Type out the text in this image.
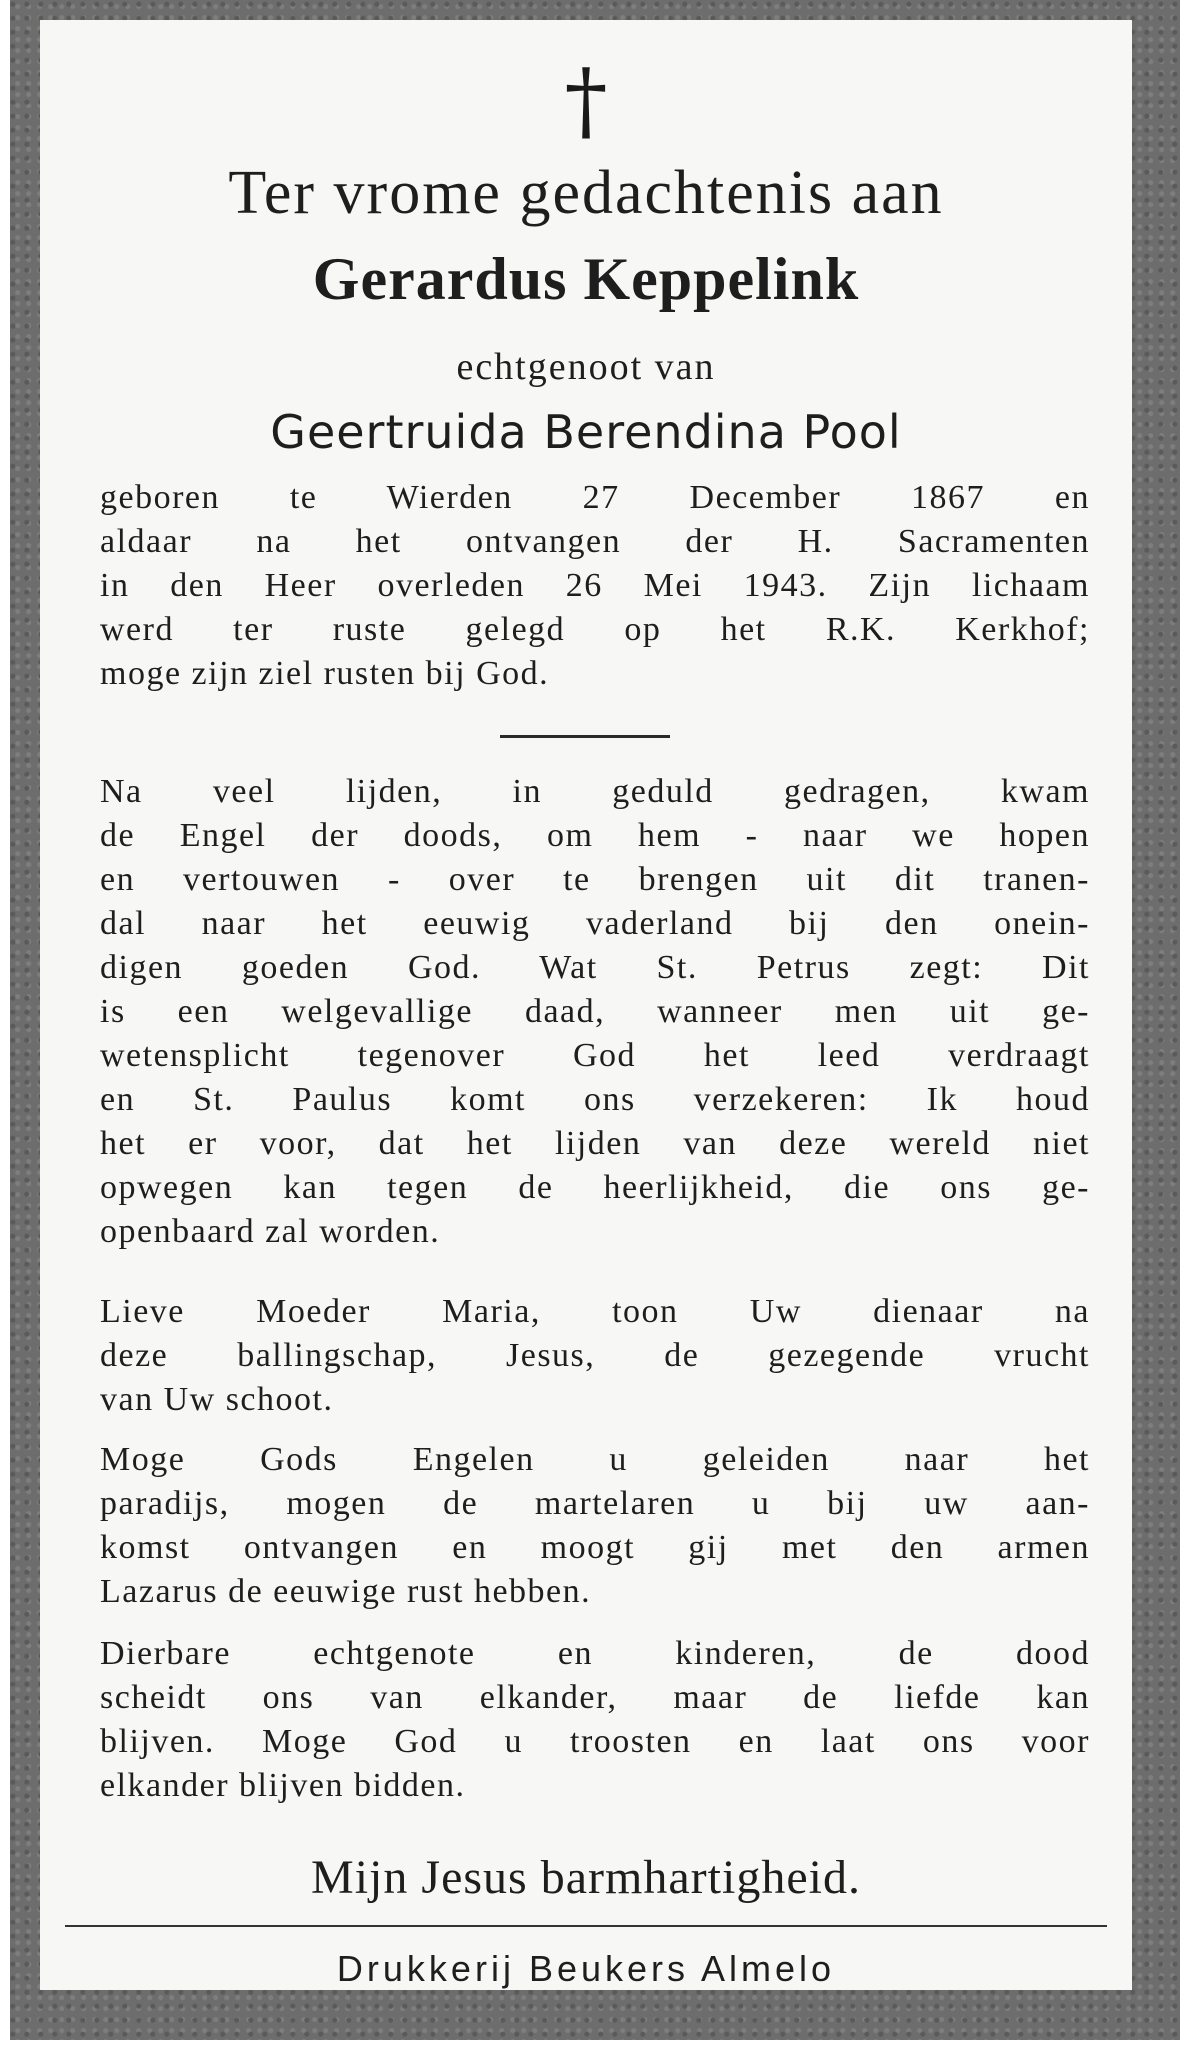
†
Ter vrome gedachtenis aan
Gerardus Keppelink
echtgenoot van
Geertruida Berendina Pool
geboren te Wierden 27 December 1867 en
aldaar na het ontvangen der H. Sacramenten
in den Heer overleden 26 Mei 1943. Zijn lichaam
werd ter ruste gelegd op het R.K. Kerkhof;
moge zijn ziel rusten bij God.
Na veel lijden, in geduld gedragen, kwam
de Engel der doods, om hem - naar we hopen
en vertouwen - over te brengen uit dit tranen-
dal naar het eeuwig vaderland bij den onein-
digen goeden God. Wat St. Petrus zegt: Dit
is een welgevallige daad, wanneer men uit ge-
wetensplicht tegenover God het leed verdraagt
en St. Paulus komt ons verzekeren: Ik houd
het er voor, dat het lijden van deze wereld niet
opwegen kan tegen de heerlijkheid, die ons ge-
openbaard zal worden.
Lieve Moeder Maria, toon Uw dienaar na
deze ballingschap, Jesus, de gezegende vrucht
van Uw schoot.
Moge Gods Engelen u geleiden naar het
paradijs, mogen de martelaren u bij uw aan-
komst ontvangen en moogt gij met den armen
Lazarus de eeuwige rust hebben.
Dierbare echtgenote en kinderen, de dood
scheidt ons van elkander, maar de liefde kan
blijven. Moge God u troosten en laat ons voor
elkander blijven bidden.
Mijn Jesus barmhartigheid.
Drukkerij Beukers Almelo
